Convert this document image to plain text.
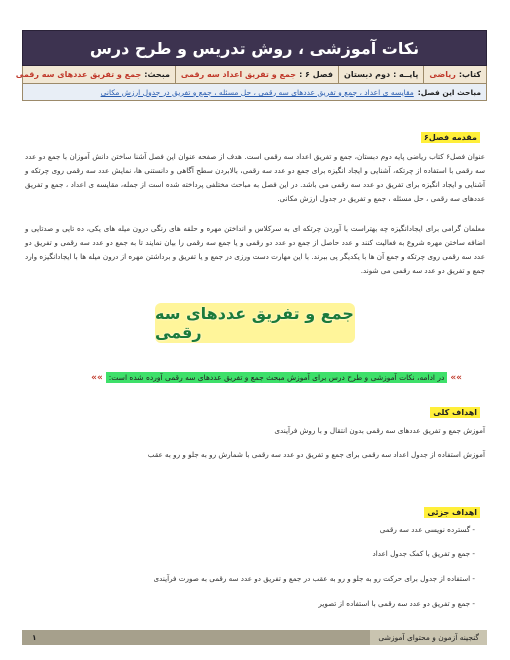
نکات آموزشی ، روش تدریس و طرح درس
کتاب:
ریاضی
پایــه :
دوم دبستان
فصل ۶ :
جمع و تفریق اعداد سه رقمی
مبحث:
جمع و تفریق عددهای سه رقمی
مباحث این فصل:
مقایسه ی اعداد ، جمع و تفریق عددهای سه رقمی ، حل مسئله ، جمع و تفریق در جدول ارزش مکانی
مقدمه فصل۶
عنوان فصل۶ کتاب ریاضی پایه دوم دبستان، جمع و تفریق اعداد سه رقمی است. هدف از صفحه عنوان این فصل آشنا ساختن دانش آموزان با جمع دو عدد سه رقمی با استفاده از چرتکه، آشنایی و ایجاد انگیزه برای جمع دو عدد سه رقمی، بالابردن سطح آگاهی و دانستنی ها، نمایش عدد سه رقمی روی چرتکه و آشنایی و ایجاد انگیزه برای تفریق دو عدد سه رقمی می باشد. در این فصل به مباحث مختلفی پرداخته شده است از جمله، مقایسه ی اعداد ، جمع و تفریق عددهای سه رقمی ، حل مسئله ، جمع و تفریق در جدول ارزش مکانی.
معلمان گرامی برای ایجادانگیزه چه بهتراست با آوردن چرتکه ای به سرکلاس و انداختن مهره و حلقه های رنگی درون میله های یکی، ده تایی و صدتایی و اضافه ساختن مهره شروع به فعالیت کنند و عدد حاصل از جمع دو عدد دو رقمی و یا جمع سه رقمی را بیان نمایند تا به جمع دو عدد سه رقمی و تفریق دو عدد سه رقمی روی چرتکه و جمع آن ها با یکدیگر پی ببرند. با این مهارت دست ورزی در جمع و یا تفریق و برداشتن مهره از درون میله ها با ایجادانگیزه وارد جمع و تفریق دو عدد سه رقمی می شوند.
جمع و تفریق عددهای سه رقمی
»»
در ادامه، نکات آموزشی و طرح درس برای آموزش مبحث جمع و تفریق عددهای سه رقمی آورده شده است:
»»
اهداف کلی
آموزش جمع و تفریق عددهای سه رقمی بدون انتقال و با روش فرآیندی
آموزش استفاده از جدول اعداد سه رقمی برای جمع و تفریق دو عدد سه رقمی با شمارش رو به جلو و رو به عقب
اهداف جزئی
- گسترده نویسی عدد سه رقمی
- جمع و تفریق با کمک جدول اعداد
- استفاده از جدول برای حرکت رو به جلو و رو به عقب در جمع و تفریق دو عدد سه رقمی به صورت فرآیندی
- جمع و تفریق دو عدد سه رقمی با استفاده از تصویر
گنجینه آزمون و محتوای آموزشی
۱
